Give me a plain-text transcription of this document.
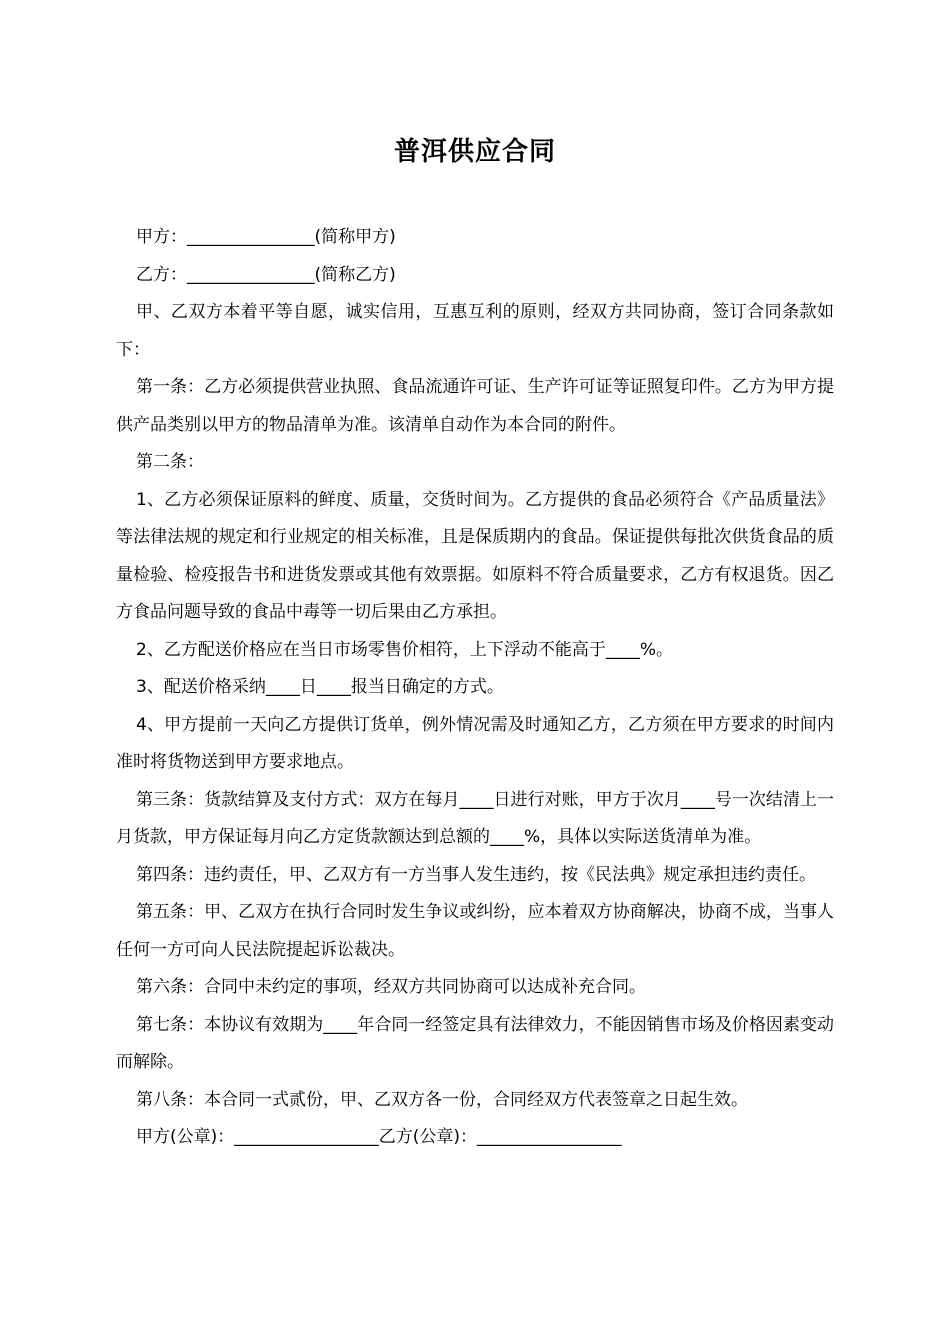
普洱供应合同

甲方：_______________(简称甲方)

乙方：_______________(简称乙方)

甲、乙双方本着平等自愿，诚实信用，互惠互利的原则，经双方共同协商，签订合同条款如下：

第一条：乙方必须提供营业执照、食品流通许可证、生产许可证等证照复印件。乙方为甲方提供产品类别以甲方的物品清单为准。该清单自动作为本合同的附件。

第二条：

1、乙方必须保证原料的鲜度、质量，交货时间为。乙方提供的食品必须符合《产品质量法》等法律法规的规定和行业规定的相关标准，且是保质期内的食品。保证提供每批次供货食品的质量检验、检疫报告书和进货发票或其他有效票据。如原料不符合质量要求，乙方有权退货。因乙方食品问题导致的食品中毒等一切后果由乙方承担。

2、乙方配送价格应在当日市场零售价相符，上下浮动不能高于____%。

3、配送价格采纳____日____报当日确定的方式。

4、甲方提前一天向乙方提供订货单，例外情况需及时通知乙方，乙方须在甲方要求的时间内准时将货物送到甲方要求地点。

第三条：货款结算及支付方式：双方在每月____日进行对账，甲方于次月____号一次结清上一月货款，甲方保证每月向乙方定货款额达到总额的____%，具体以实际送货清单为准。

第四条：违约责任，甲、乙双方有一方当事人发生违约，按《民法典》规定承担违约责任。

第五条：甲、乙双方在执行合同时发生争议或纠纷，应本着双方协商解决，协商不成，当事人任何一方可向人民法院提起诉讼裁决。

第六条：合同中未约定的事项，经双方共同协商可以达成补充合同。

第七条：本协议有效期为____年合同一经签定具有法律效力，不能因销售市场及价格因素变动而解除。

第八条：本合同一式贰份，甲、乙双方各一份，合同经双方代表签章之日起生效。

甲方(公章)：_________________乙方(公章)：_________________
